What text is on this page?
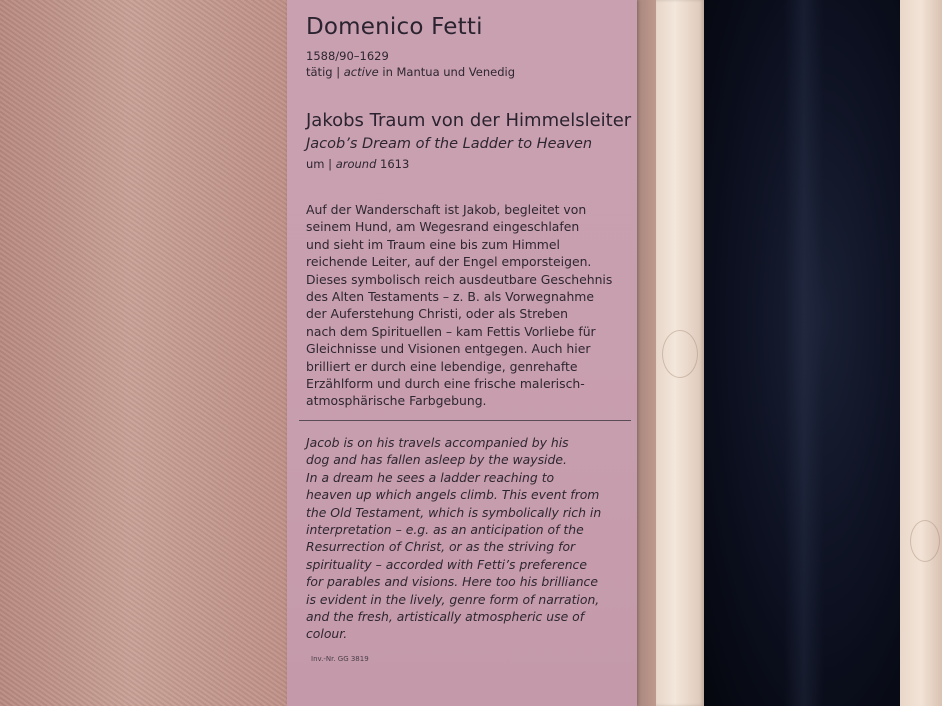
Domenico Fetti
1588/90–1629
tätig | active in Mantua und Venedig
Jakobs Traum von der Himmelsleiter
Jacob’s Dream of the Ladder to Heaven
um | around 1613
Auf der Wanderschaft ist Jakob, begleitet von
seinem Hund, am Wegesrand eingeschlafen
und sieht im Traum eine bis zum Himmel
reichende Leiter, auf der Engel emporsteigen.
Dieses symbolisch reich ausdeutbare Geschehnis
des Alten Testaments – z. B. als Vorwegnahme
der Auferstehung Christi, oder als Streben
nach dem Spirituellen – kam Fettis Vorliebe für
Gleichnisse und Visionen entgegen. Auch hier
brilliert er durch eine lebendige, genrehafte
Erzählform und durch eine frische malerisch-
atmosphärische Farbgebung.
Jacob is on his travels accompanied by his
dog and has fallen asleep by the wayside.
In a dream he sees a ladder reaching to
heaven up which angels climb. This event from
the Old Testament, which is symbolically rich in
interpretation – e.g. as an anticipation of the
Resurrection of Christ, or as the striving for
spirituality – accorded with Fetti’s preference
for parables and visions. Here too his brilliance
is evident in the lively, genre form of narration,
and the fresh, artistically atmospheric use of
colour.
Inv.-Nr. GG 3819
